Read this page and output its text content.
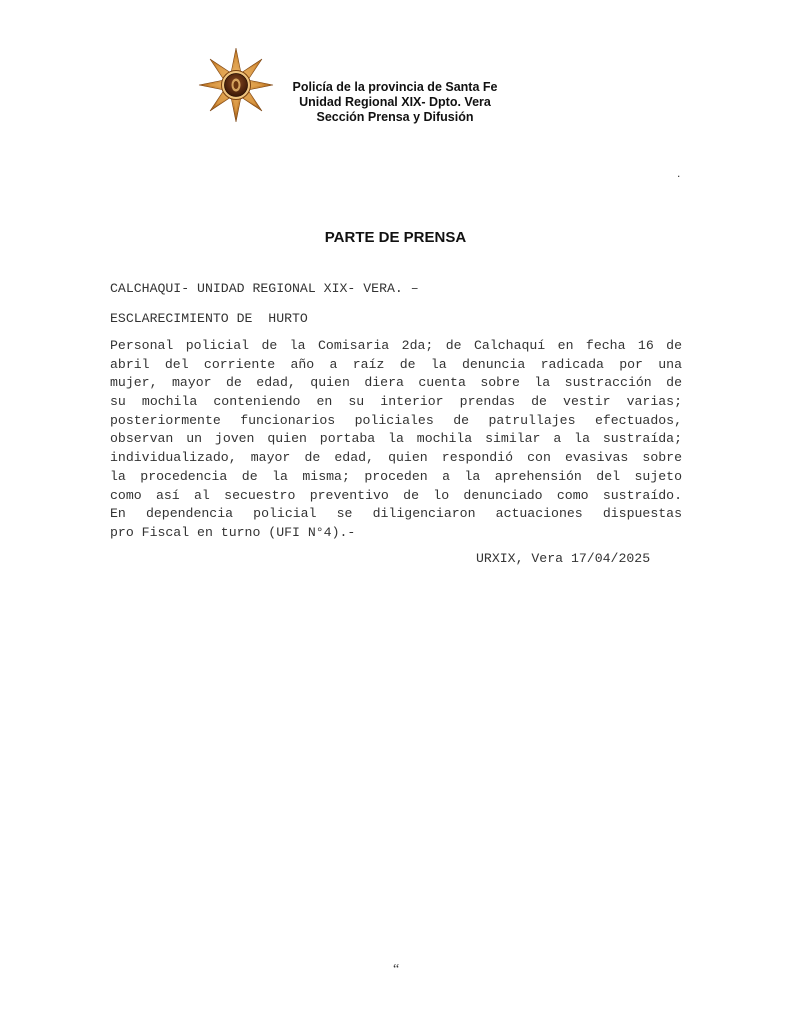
Policía de la provincia de Santa Fe
Unidad Regional XIX- Dpto. Vera
Sección Prensa y Difusión
.
PARTE DE PRENSA
CALCHAQUI- UNIDAD REGIONAL XIX- VERA. –
ESCLARECIMIENTO DE  HURTO
Personal policial de la Comisaria 2da; de Calchaquí en fecha 16 de
abril del corriente año a raíz de la denuncia radicada por una
mujer, mayor de edad, quien diera cuenta sobre la sustracción de
su mochila conteniendo en su interior prendas de vestir varias;
posteriormente funcionarios policiales de patrullajes efectuados,
observan un joven quien portaba la mochila similar a la sustraída;
individualizado, mayor de edad, quien respondió con evasivas sobre
la procedencia de la misma; proceden a la aprehensión del sujeto
como así al secuestro preventivo de lo denunciado como sustraído.
En dependencia policial se diligenciaron actuaciones dispuestas
pro Fiscal en turno (UFI N°4).-
URXIX, Vera 17/04/2025
“
